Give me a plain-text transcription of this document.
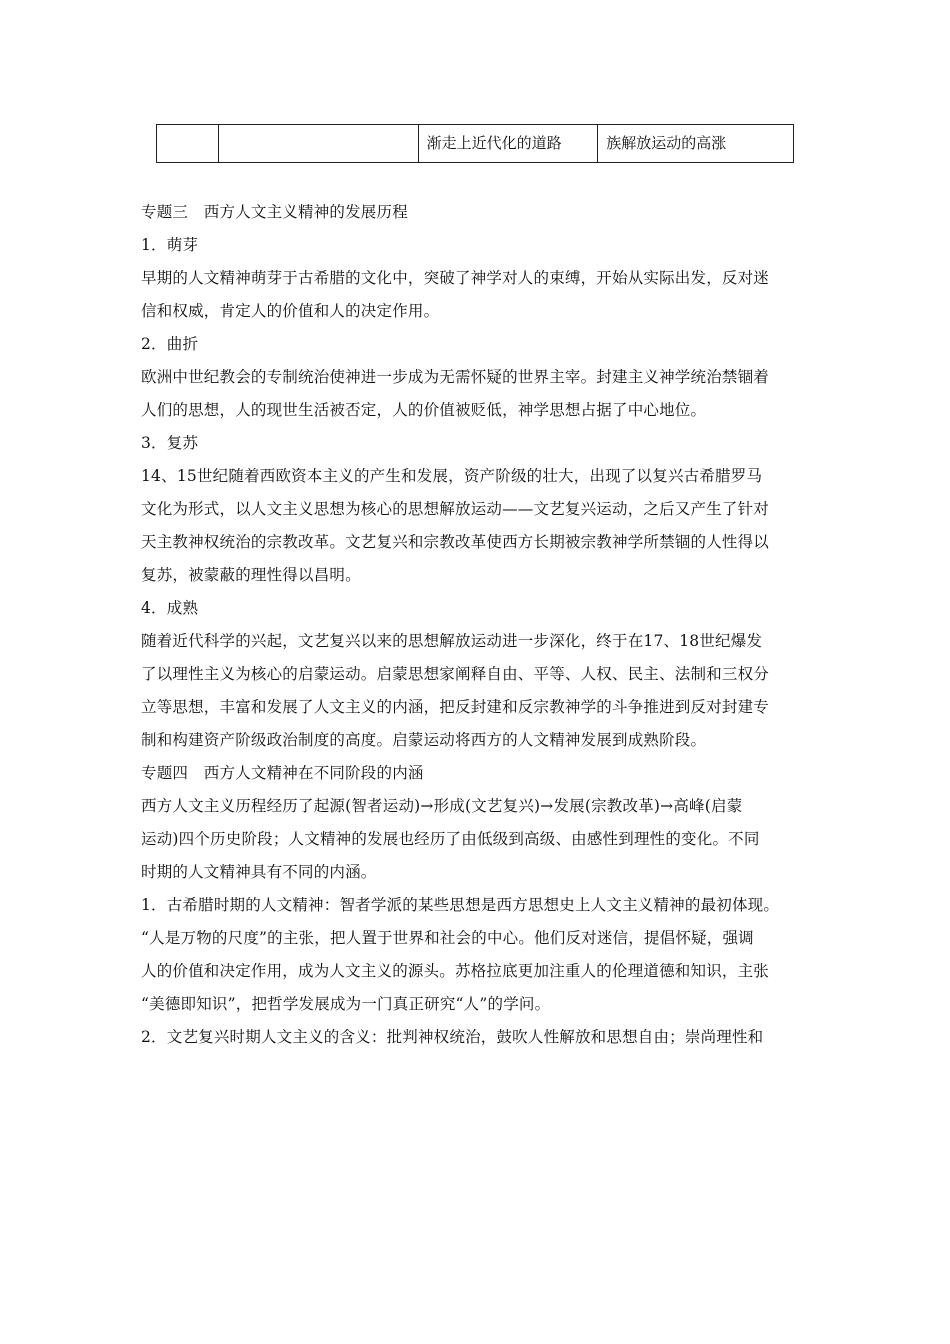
		渐走上近代化的道路	族解放运动的高涨

专题三　西方人文主义精神的发展历程

1．萌芽

早期的人文精神萌芽于古希腊的文化中，突破了神学对人的束缚，开始从实际出发，反对迷

信和权威，肯定人的价值和人的决定作用。

2．曲折

欧洲中世纪教会的专制统治使神进一步成为无需怀疑的世界主宰。封建主义神学统治禁锢着

人们的思想，人的现世生活被否定，人的价值被贬低，神学思想占据了中心地位。

3．复苏

14、15世纪随着西欧资本主义的产生和发展，资产阶级的壮大，出现了以复兴古希腊罗马

文化为形式，以人文主义思想为核心的思想解放运动——文艺复兴运动，之后又产生了针对

天主教神权统治的宗教改革。文艺复兴和宗教改革使西方长期被宗教神学所禁锢的人性得以

复苏，被蒙蔽的理性得以昌明。

4．成熟

随着近代科学的兴起，文艺复兴以来的思想解放运动进一步深化，终于在17、18世纪爆发

了以理性主义为核心的启蒙运动。启蒙思想家阐释自由、平等、人权、民主、法制和三权分

立等思想，丰富和发展了人文主义的内涵，把反封建和反宗教神学的斗争推进到反对封建专

制和构建资产阶级政治制度的高度。启蒙运动将西方的人文精神发展到成熟阶段。

专题四　西方人文精神在不同阶段的内涵

西方人文主义历程经历了起源(智者运动)→形成(文艺复兴)→发展(宗教改革)→高峰(启蒙

运动)四个历史阶段；人文精神的发展也经历了由低级到高级、由感性到理性的变化。不同

时期的人文精神具有不同的内涵。

1．古希腊时期的人文精神：智者学派的某些思想是西方思想史上人文主义精神的最初体现。

“人是万物的尺度”的主张，把人置于世界和社会的中心。他们反对迷信，提倡怀疑，强调

人的价值和决定作用，成为人文主义的源头。苏格拉底更加注重人的伦理道德和知识，主张

“美德即知识”，把哲学发展成为一门真正研究“人”的学问。

2．文艺复兴时期人文主义的含义：批判神权统治，鼓吹人性解放和思想自由；崇尚理性和
